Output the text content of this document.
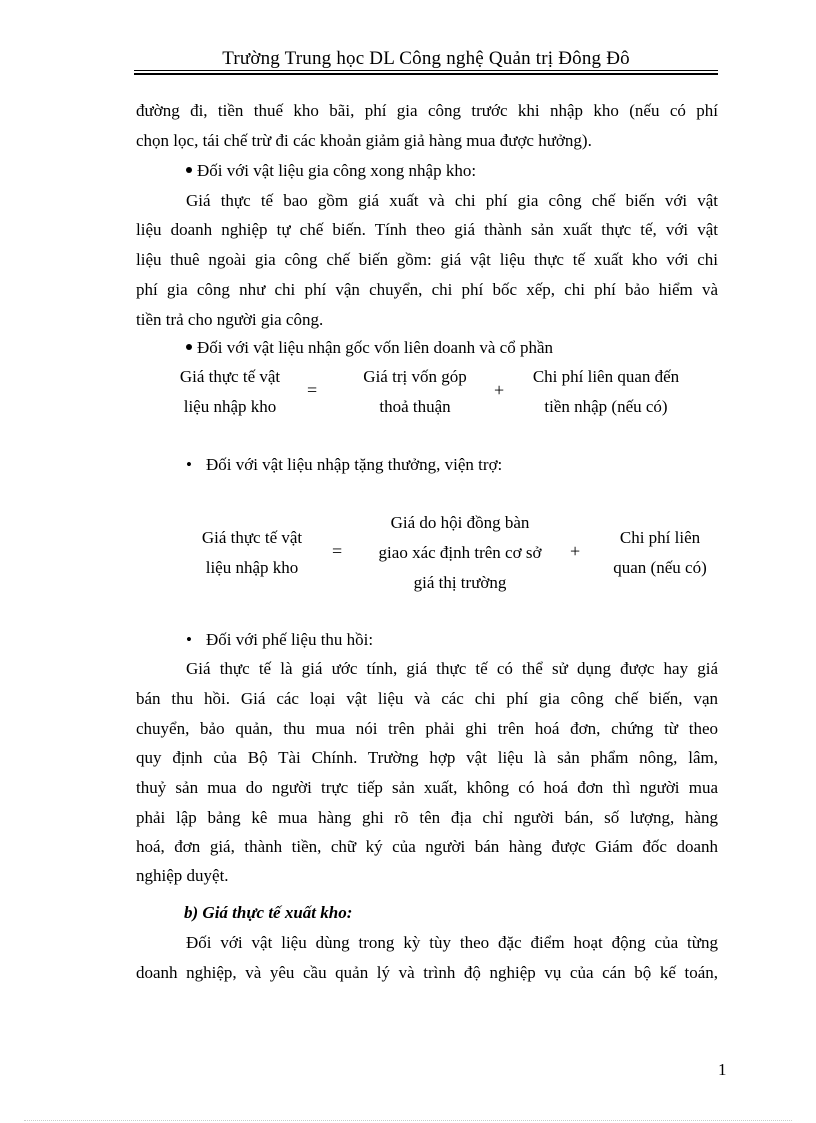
Trường Trung học DL Công nghệ Quản trị Đông Đô
đường đi, tiền thuế kho bãi, phí gia công trước khi nhập kho (nếu có phí
chọn lọc, tái chế trừ đi các khoản giảm giả hàng mua được hưởng).
Đối với vật liệu gia công xong nhập kho:
Giá thực tế bao gồm giá xuất và chi phí gia công chế biến với vật
liệu doanh nghiệp tự chế biến. Tính theo giá thành sản xuất thực tế, với vật
liệu thuê ngoài gia công chế biến gồm: giá vật liệu thực tế xuất kho với chi
phí gia công như chi phí vận chuyển, chi phí bốc xếp, chi phí bảo hiểm và
tiền trả cho người gia công.
Đối với vật liệu nhận gốc vốn liên doanh và cổ phần
Giá thực tế vật
liệu nhập kho
=
Giá trị vốn góp
thoả thuận
+
Chi phí liên quan đến
tiền nhập (nếu có)
• Đối với vật liệu nhập tặng thưởng, viện trợ:
Giá thực tế vật
liệu nhập kho
=
Giá do hội đồng bàn
giao xác định trên cơ sở
giá thị trường
+
Chi phí liên
quan (nếu có)
• Đối với phế liệu thu hồi:
Giá thực tế là giá ước tính, giá thực tế có thể sử dụng được hay giá
bán thu hồi. Giá các loại vật liệu và các chi phí gia công chế biến, vạn
chuyển, bảo quản, thu mua nói trên phải ghi trên hoá đơn, chứng từ theo
quy định của Bộ Tài Chính. Trường hợp vật liệu là sản phẩm nông, lâm,
thuỷ sản mua do người trực tiếp sản xuất, không có hoá đơn thì người mua
phải lập bảng kê mua hàng ghi rõ tên địa chỉ người bán, số lượng, hàng
hoá, đơn giá, thành tiền, chữ ký của người bán hàng được Giám đốc doanh
nghiệp duyệt.
b) Giá thực tế xuất kho:
Đối với vật liệu dùng trong kỳ tùy theo đặc điểm hoạt động của từng
doanh nghiệp, và yêu cầu quản lý và trình độ nghiệp vụ của cán bộ kế toán,
1
